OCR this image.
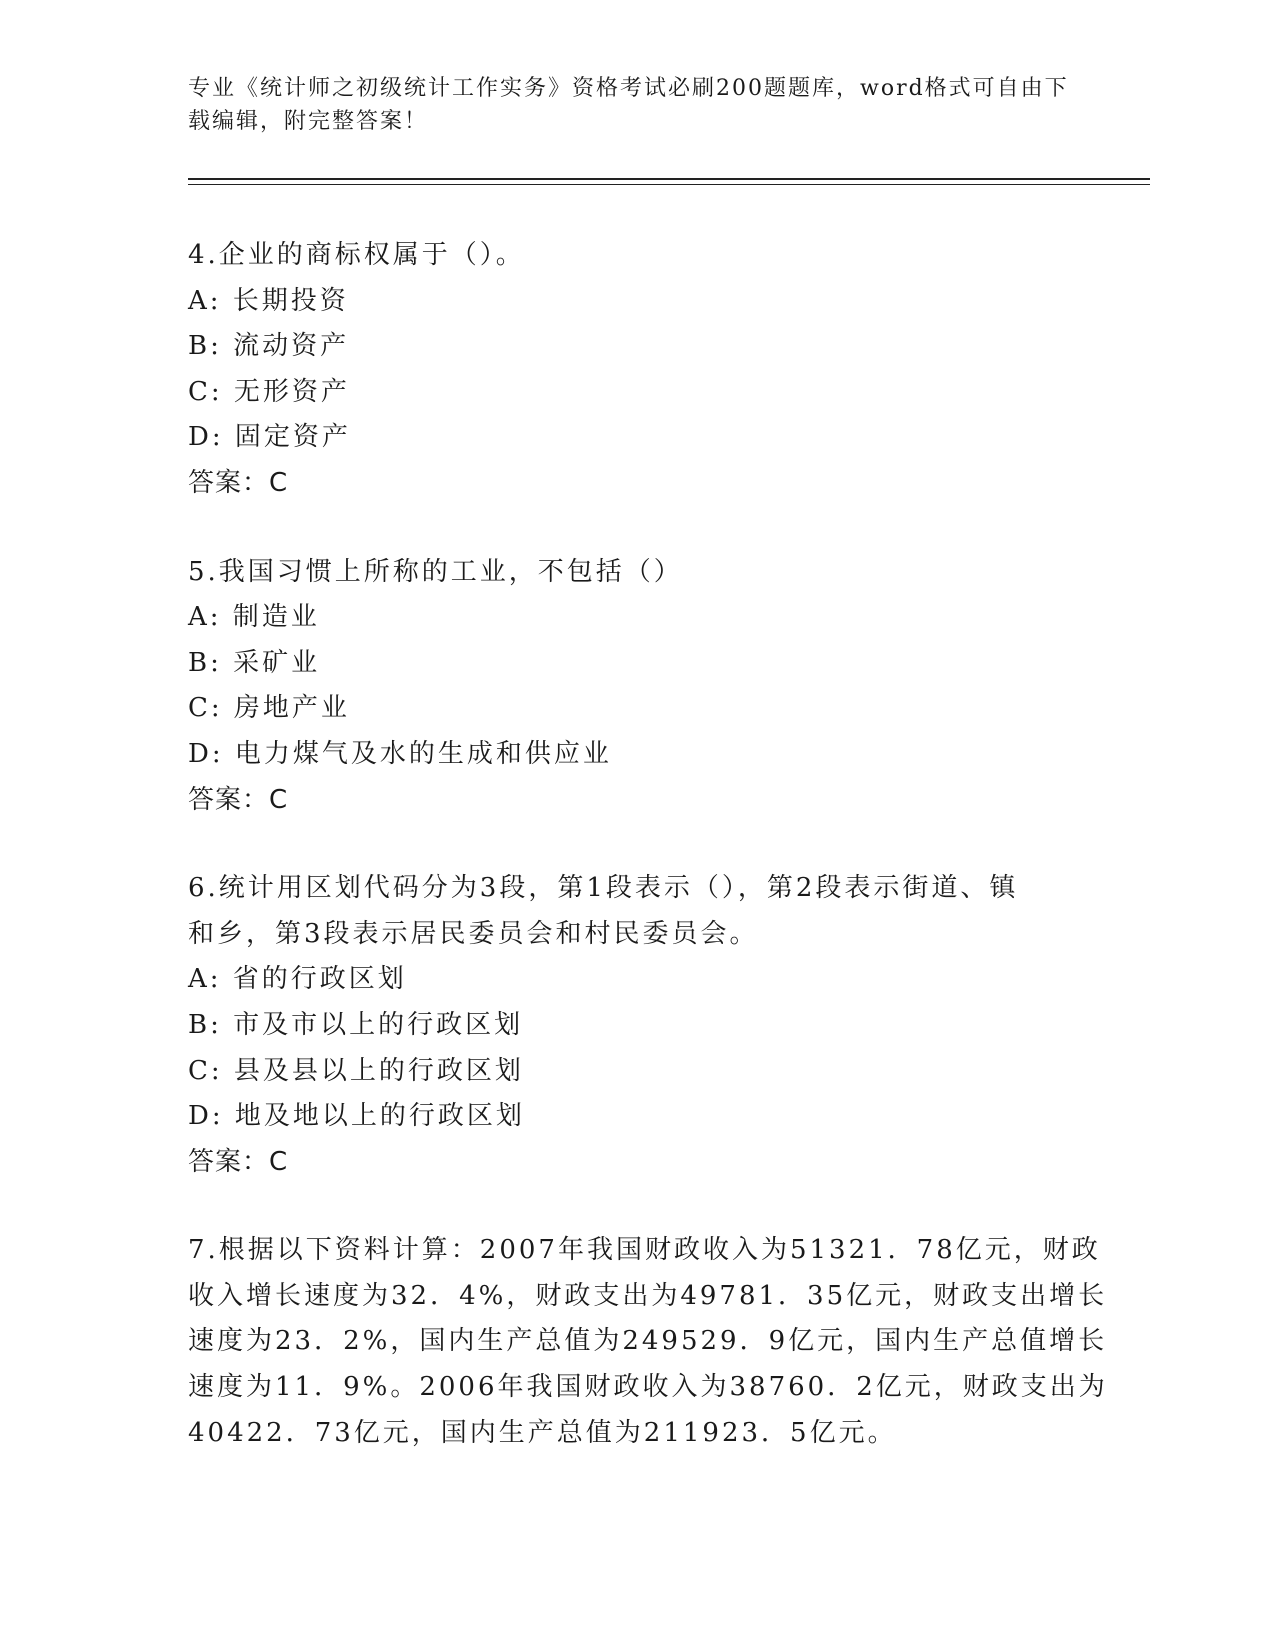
专业《统计师之初级统计工作实务》资格考试必刷200题题库，word格式可自由下载编辑，附完整答案！
4.企业的商标权属于（）。
A: 长期投资
B: 流动资产
C: 无形资产
D: 固定资产
答案：C
5.我国习惯上所称的工业，不包括（）
A: 制造业
B: 采矿业
C: 房地产业
D: 电力煤气及水的生成和供应业
答案：C
6.统计用区划代码分为3段，第1段表示（），第2段表示街道、镇
和乡，第3段表示居民委员会和村民委员会。
A: 省的行政区划
B: 市及市以上的行政区划
C: 县及县以上的行政区划
D: 地及地以上的行政区划
答案：C
7.根据以下资料计算：2007年我国财政收入为51321．78亿元，财政
收入增长速度为32．4%，财政支出为49781．35亿元，财政支出增长
速度为23．2%，国内生产总值为249529．9亿元，国内生产总值增长
速度为11．9%。2006年我国财政收入为38760．2亿元，财政支出为
40422．73亿元，国内生产总值为211923．5亿元。
